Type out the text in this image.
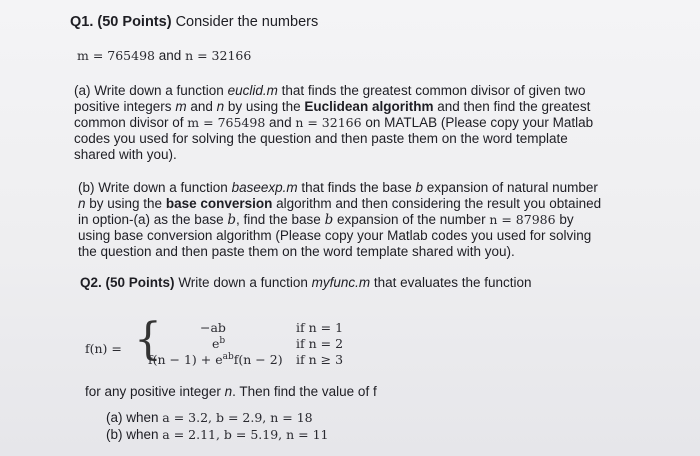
Q1. (50 Points) Consider the numbers
m = 765498 and n = 32166
(a) Write down a function euclid.m that finds the greatest common divisor of given two
positive integers m and n by using the Euclidean algorithm and then find the greatest
common divisor of m = 765498 and n = 32166 on MATLAB (Please copy your Matlab
codes you used for solving the question and then paste them on the word template
shared with you).
(b) Write down a function baseexp.m that finds the base b expansion of natural number
n by using the base conversion algorithm and then considering the result you obtained
in option-(a) as the base b, find the base b expansion of the number n = 87986 by
using base conversion algorithm (Please copy your Matlab codes you used for solving
the question and then paste them on the word template shared with you).
Q2. (50 Points) Write down a function myfunc.m that evaluates the function
f(n) = {	−ab	if n = 1
$e^b$	if n = 2
$f(n - 1) + e^{ab}f(n - 2)$ if n ≥ 3
for any positive integer n. Then find the value of f
(a) when a = 3.2, b = 2.9, n = 18
(b) when a = 2.11, b = 5.19, n = 11
